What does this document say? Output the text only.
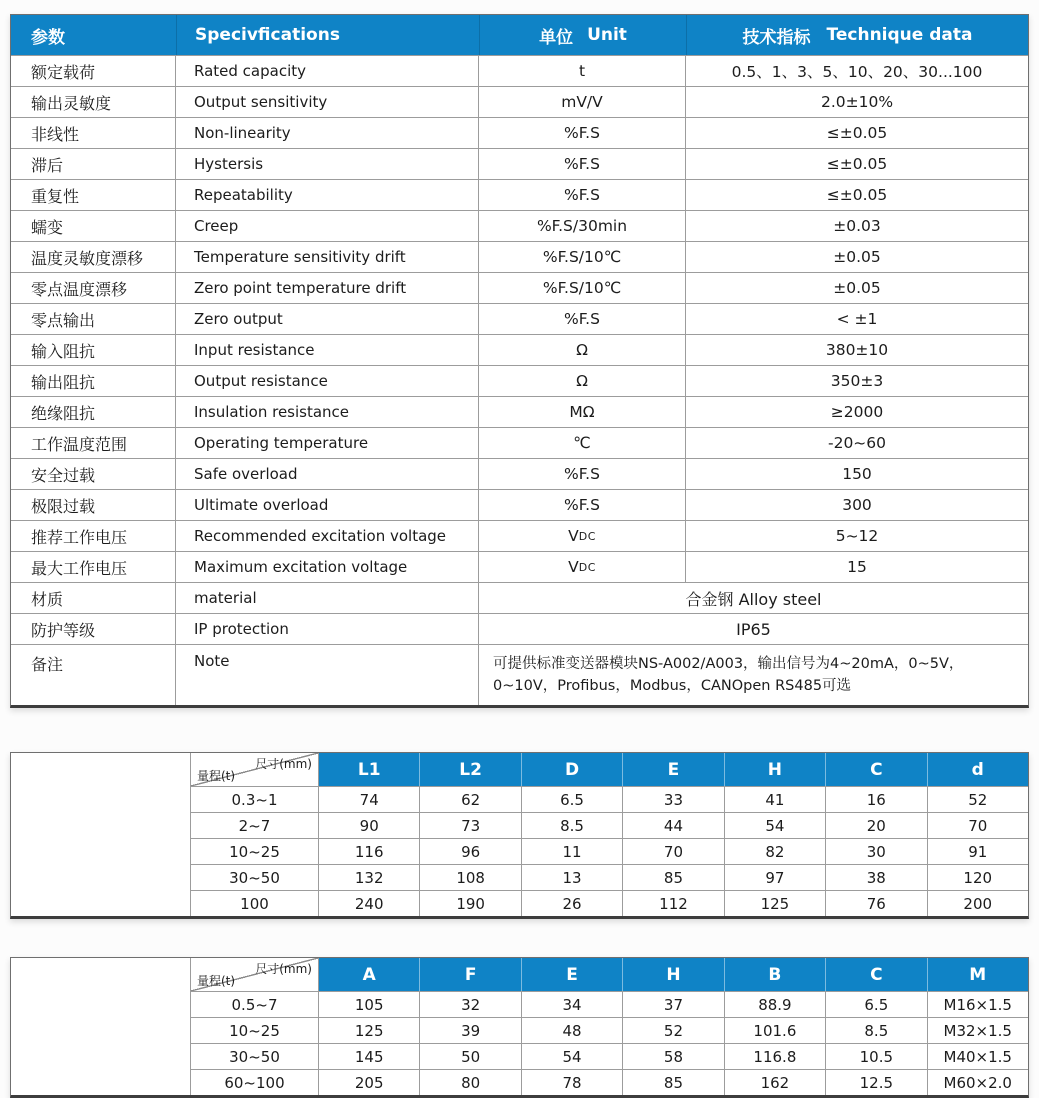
参数	Specivfications	单位 Unit	技术指标 Technique data
额定载荷	Rated capacity	t	0.5、1、3、5、10、20、30...100
输出灵敏度	Output sensitivity	mV/V	2.0±10%
非线性	Non-linearity	%F.S	≤±0.05
滞后	Hystersis	%F.S	≤±0.05
重复性	Repeatability	%F.S	≤±0.05
蠕变	Creep	%F.S/30min	±0.03
温度灵敏度漂移	Temperature sensitivity drift	%F.S/10℃	±0.05
零点温度漂移	Zero point temperature drift	%F.S/10℃	±0.05
零点输出	Zero output	%F.S	< ±1
输入阻抗	Input resistance	Ω	380±10
输出阻抗	Output resistance	Ω	350±3
绝缘阻抗	Insulation resistance	MΩ	≥2000
工作温度范围	Operating temperature	℃	-20~60
安全过载	Safe overload	%F.S	150
极限过载	Ultimate overload	%F.S	300
推荐工作电压	Recommended excitation voltage	V DC	5~12
最大工作电压	Maximum excitation voltage	V DC	15
材质	material	合金钢 Alloy steel
防护等级	IP protection	IP65
备注	Note	可提供标准变送器模块NS-A002/A003，输出信号为4~20mA，0~5V，
0~10V，Profibus，Modbus，CANOpen RS485可选
NS-TH3A
尺寸(mm)
量程(t)	L1	L2	D	E	H	C	d
0.3~1	74	62	6.5	33	41	16	52
2~7	90	73	8.5	44	54	20	70
10~25	116	96	11	70	82	30	91
30~50	132	108	13	85	97	38	120
100	240	190	26	112	125	76	200
NS-TH3B
尺寸(mm)
量程(t)	A	F	E	H	B	C	M
0.5~7	105	32	34	37	88.9	6.5	M16×1.5
10~25	125	39	48	52	101.6	8.5	M32×1.5
30~50	145	50	54	58	116.8	10.5	M40×1.5
60~100	205	80	78	85	162	12.5	M60×2.0
